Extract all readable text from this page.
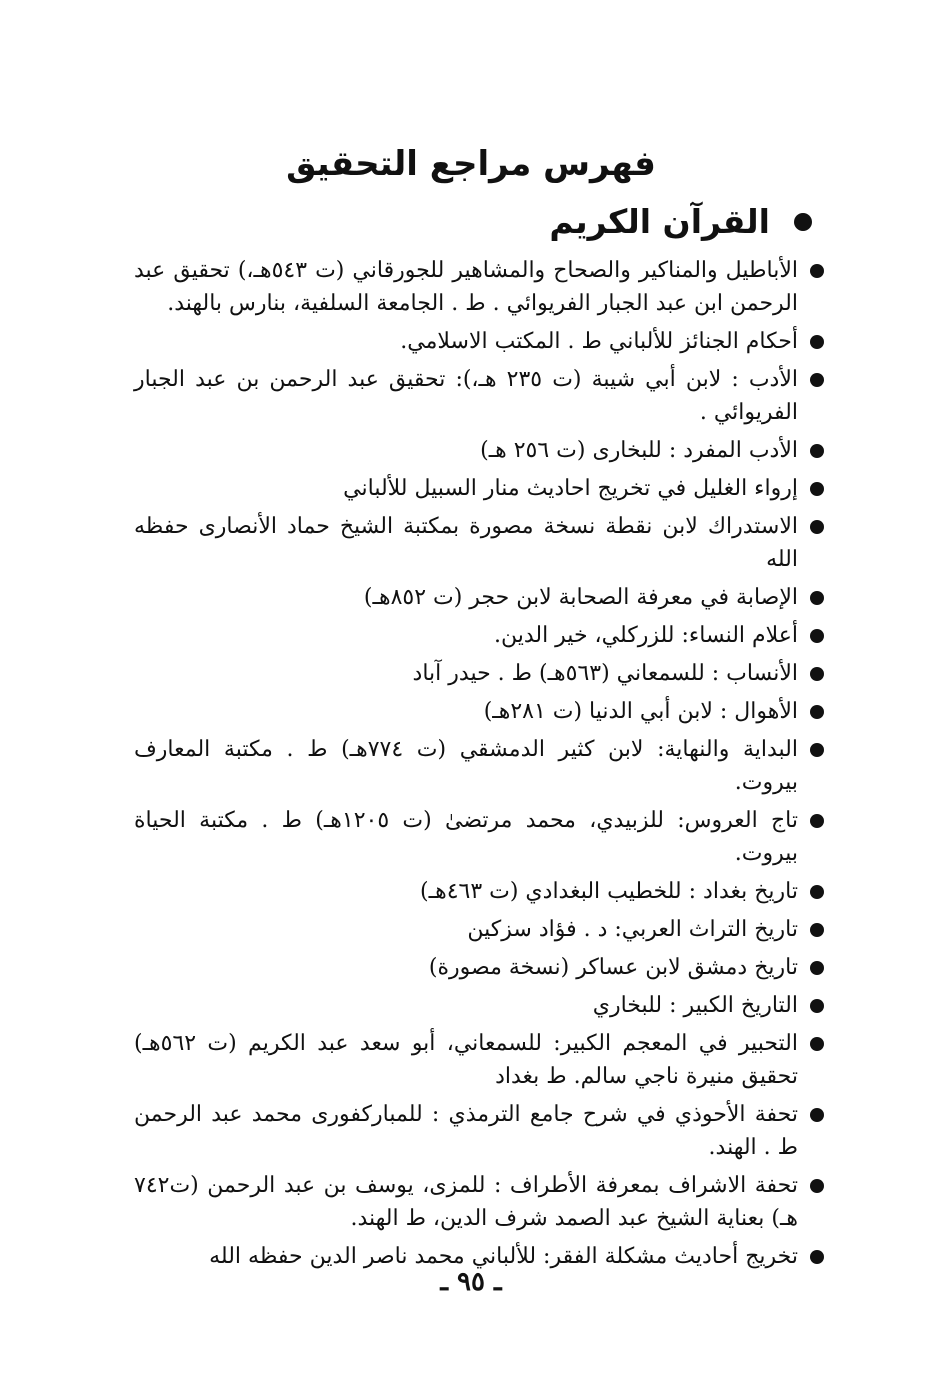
فهرس مراجع التحقيق
القرآن الكريم
الأباطيل والمناكير والصحاح والمشاهير للجورقاني (ت ٥٤٣هـ،) تحقيق عبد الرحمن ابن عبد الجبار الفريوائي . ط . الجامعة السلفية، بنارس بالهند.
أحكام الجنائز للألباني ط . المكتب الاسلامي.
الأدب : لابن أبي شيبة (ت ٢٣٥ هـ،): تحقيق عبد الرحمن بن عبد الجبار الفريوائي .
الأدب المفرد : للبخارى (ت ٢٥٦ هـ)
إرواء الغليل في تخريج احاديث منار السبيل للألباني
الاستدراك لابن نقطة نسخة مصورة بمكتبة الشيخ حماد الأنصارى حفظه الله
الإصابة في معرفة الصحابة لابن حجر (ت ٨٥٢هـ)
أعلام النساء: للزركلي، خير الدين.
الأنساب : للسمعاني (٥٦٣هـ) ط . حيدر آباد
الأهوال : لابن أبي الدنيا (ت ٢٨١هـ)
البداية والنهاية: لابن كثير الدمشقي (ت ٧٧٤هـ) ط . مكتبة المعارف بيروت.
تاج العروس: للزبيدي، محمد مرتضىٰ (ت ١٢٠٥هـ) ط . مكتبة الحياة بيروت.
تاريخ بغداد : للخطيب البغدادي (ت ٤٦٣هـ)
تاريخ التراث العربي: د . فؤاد سزكين
تاريخ دمشق لابن عساكر (نسخة مصورة)
التاريخ الكبير : للبخاري
التحبير في المعجم الكبير: للسمعاني، أبو سعد عبد الكريم (ت ٥٦٢هـ) تحقيق منيرة ناجي سالم. ط بغداد
تحفة الأحوذي في شرح جامع الترمذي : للمباركفورى محمد عبد الرحمن ط . الهند.
تحفة الاشراف بمعرفة الأطراف : للمزى، يوسف بن عبد الرحمن (ت٧٤٢ هـ) بعناية الشيخ عبد الصمد شرف الدين، ط الهند.
تخريج أحاديث مشكلة الفقر: للألباني محمد ناصر الدين حفظه الله
ـ ٩٥ ـ
